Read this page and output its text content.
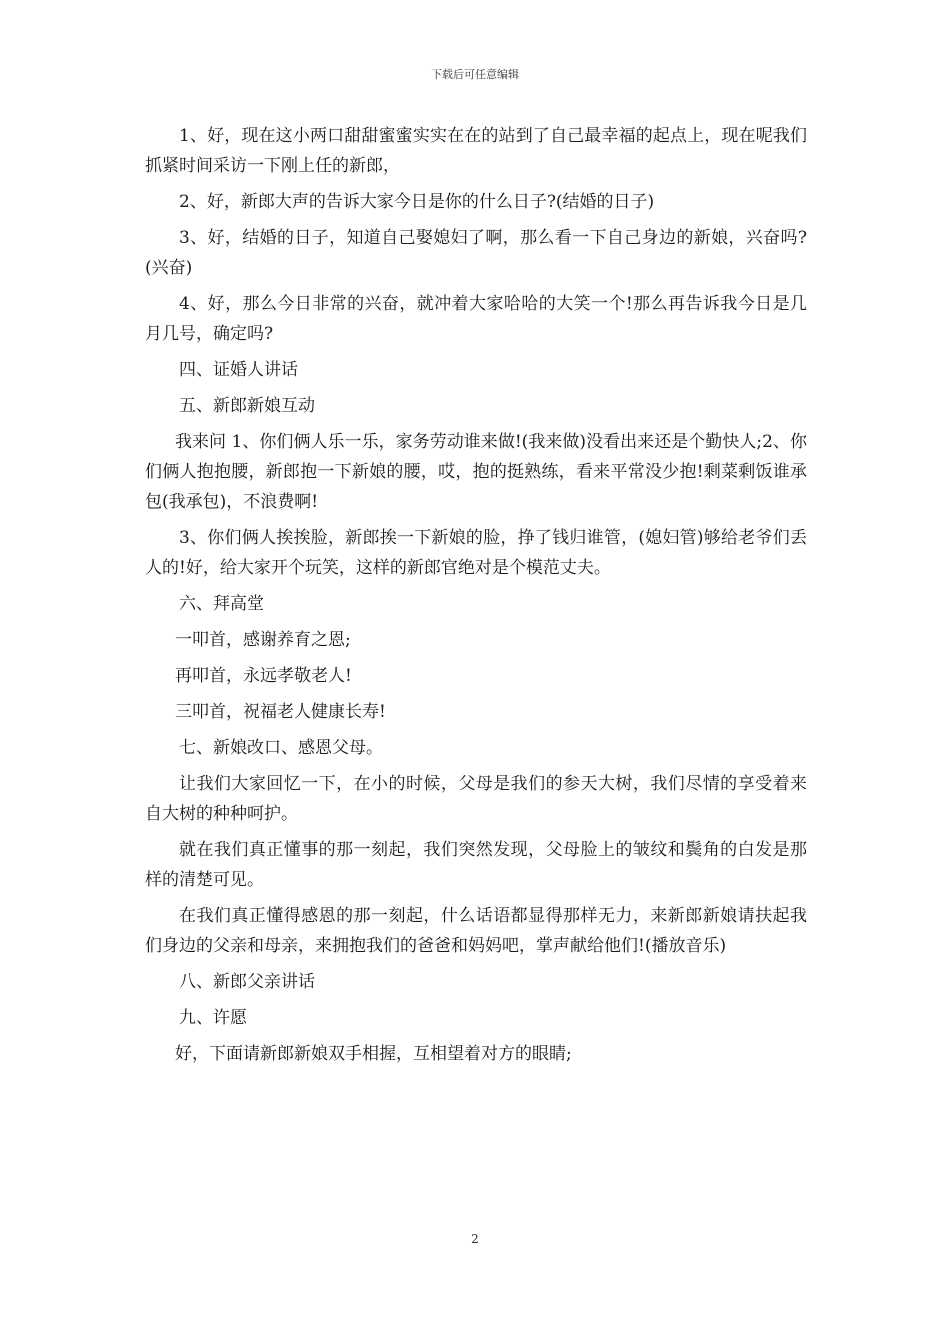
下载后可任意编辑

1、好，现在这小两口甜甜蜜蜜实实在在的站到了自己最幸福的起点上，现在呢我们抓紧时间采访一下刚上任的新郎，

2、好，新郎大声的告诉大家今日是你的什么日子?(结婚的日子)

3、好，结婚的日子，知道自己娶媳妇了啊，那么看一下自己身边的新娘，兴奋吗?(兴奋)

4、好，那么今日非常的兴奋，就冲着大家哈哈的大笑一个!那么再告诉我今日是几月几号，确定吗?

四、证婚人讲话

五、新郎新娘互动

我来问 1、你们俩人乐一乐，家务劳动谁来做!(我来做)没看出来还是个勤快人;2、你们俩人抱抱腰，新郎抱一下新娘的腰，哎，抱的挺熟练，看来平常没少抱!剩菜剩饭谁承包(我承包)，不浪费啊!

3、你们俩人挨挨脸，新郎挨一下新娘的脸，挣了钱归谁管，(媳妇管)够给老爷们丢人的!好，给大家开个玩笑，这样的新郎官绝对是个模范丈夫。

六、拜高堂

一叩首，感谢养育之恩;

再叩首，永远孝敬老人!

三叩首，祝福老人健康长寿!

七、新娘改口、感恩父母。

让我们大家回忆一下，在小的时候，父母是我们的参天大树，我们尽情的享受着来自大树的种种呵护。

就在我们真正懂事的那一刻起，我们突然发现，父母脸上的皱纹和鬓角的白发是那样的清楚可见。

在我们真正懂得感恩的那一刻起，什么话语都显得那样无力，来新郎新娘请扶起我们身边的父亲和母亲，来拥抱我们的爸爸和妈妈吧，掌声献给他们!(播放音乐)

八、新郎父亲讲话

九、许愿

好，下面请新郎新娘双手相握，互相望着对方的眼睛;

2
